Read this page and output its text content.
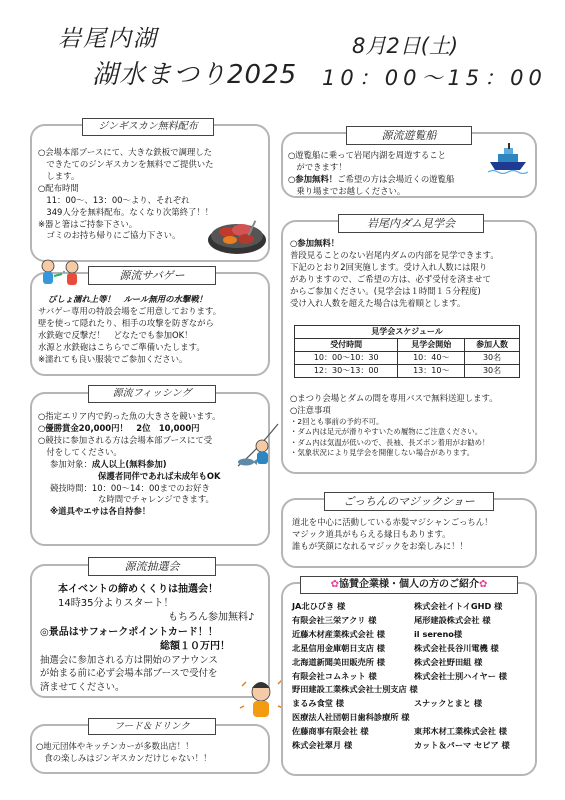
岩尾内湖
湖水まつり2025
8月2日(土)
10：00〜15：00
ジンギスカン無料配布

○会場本部ブースにて、大きな鉄板で調理した

　できたてのジンギスカンを無料でご提供いた

　します。

○配布時間

　11：00〜、13：00〜より、それぞれ

　349人分を無料配布。なくなり次第終了！！

※器と箸はご持参下さい。

　ゴミのお持ち帰りにご協力下さい。

源流サバゲー

びしょ濡れ上等！　ルール無用の水撃戦！

サバゲー専用の特設会場をご用意しております。

壁を使って隠れたり、相手の攻撃を防ぎながら

水鉄砲で反撃だ！　どなたでも参加OK！

水源と水鉄砲はこちらでご準備いたします。

※濡れても良い服装でご参加ください。

源流フィッシング

○指定エリア内で釣った魚の大きさを競います。

○優勝賞金20,000円！　2位　10,000円

○競技に参加される方は会場本部ブースにて受

　付をしてください。

参加対象：成人以上(無料参加)

保護者同伴であれば未成年もOK

競技時間：10：00〜14：00までのお好き

な時間でチャレンジできます。

※道具やエサは各自持参！

源流抽選会

本イベントの締めくくりは抽選会！

14時35分よりスタート！

もちろん参加無料♪

◎景品はサフォークポイントカード！！

総額１０万円！

抽選会に参加される方は開始のアナウンス

が始まる前に必ず会場本部ブースで受付を

済ませてください。

フード＆ドリンク

○地元団体やキッチンカーが多数出店！！

　食の楽しみはジンギスカンだけじゃない！！

源流遊覧船

○遊覧船に乗って岩尾内湖を周遊すること

　ができます！

○参加無料！ご希望の方は会場近くの遊覧船

　乗り場までお越しください。

岩尾内ダム見学会

○参加無料！

普段見ることのない岩尾内ダムの内部を見学できます。

下記のとおり2回実施します。受け入れ人数には限り

がありますので、ご希望の方は、必ず受付を済ませて

からご参加ください。(見学会は１時間１５分程度)

受け入れ人数を超えた場合は先着順とします。

見学会スケジュール		
受付時間	見学会開始	参加人数
10：00〜10：30	10：40〜	30名
12：30〜13：00	13：10〜	30名

○まつり会場とダムの間を専用バスで無料送迎します。

○注意事項

・2回とも事前の予約不可。

・ダム内は足元が滑りやすいため履物にご注意ください。

・ダム内は気温が低いので、長袖、長ズボン着用がお勧め！

・気象状況により見学会を開催しない場合があります。

ごっちんのマジックショー

道北を中心に活動している赤髪マジシャンごっちん！

マジック道具がもらえる縁日もあります。

誰もが笑顔になれるマジックをお楽しみに！！

✿協賛企業様・個人の方のご紹介✿
JA北ひびき 様	株式会社イトイGHD 様
有限会社三栄アクリ 様	尾形建設株式会社 様
近藤木材産業株式会社 様	il sereno様
北星信用金庫朝日支店 様	株式会社長谷川電機 様
北海道新聞美田販売所 様	株式会社野田組 様
有限会社コムネット 様	株式会社士別ハイヤー 様
野田建設工業株式会社士別支店 様
まるみ食堂 様	スナックとまと 様
医療法人社団朝日歯科診療所 様
佐藤商事有限会社 様	東邦木材工業株式会社 様
株式会社翠月 様	カット＆パーマ セピア 様
